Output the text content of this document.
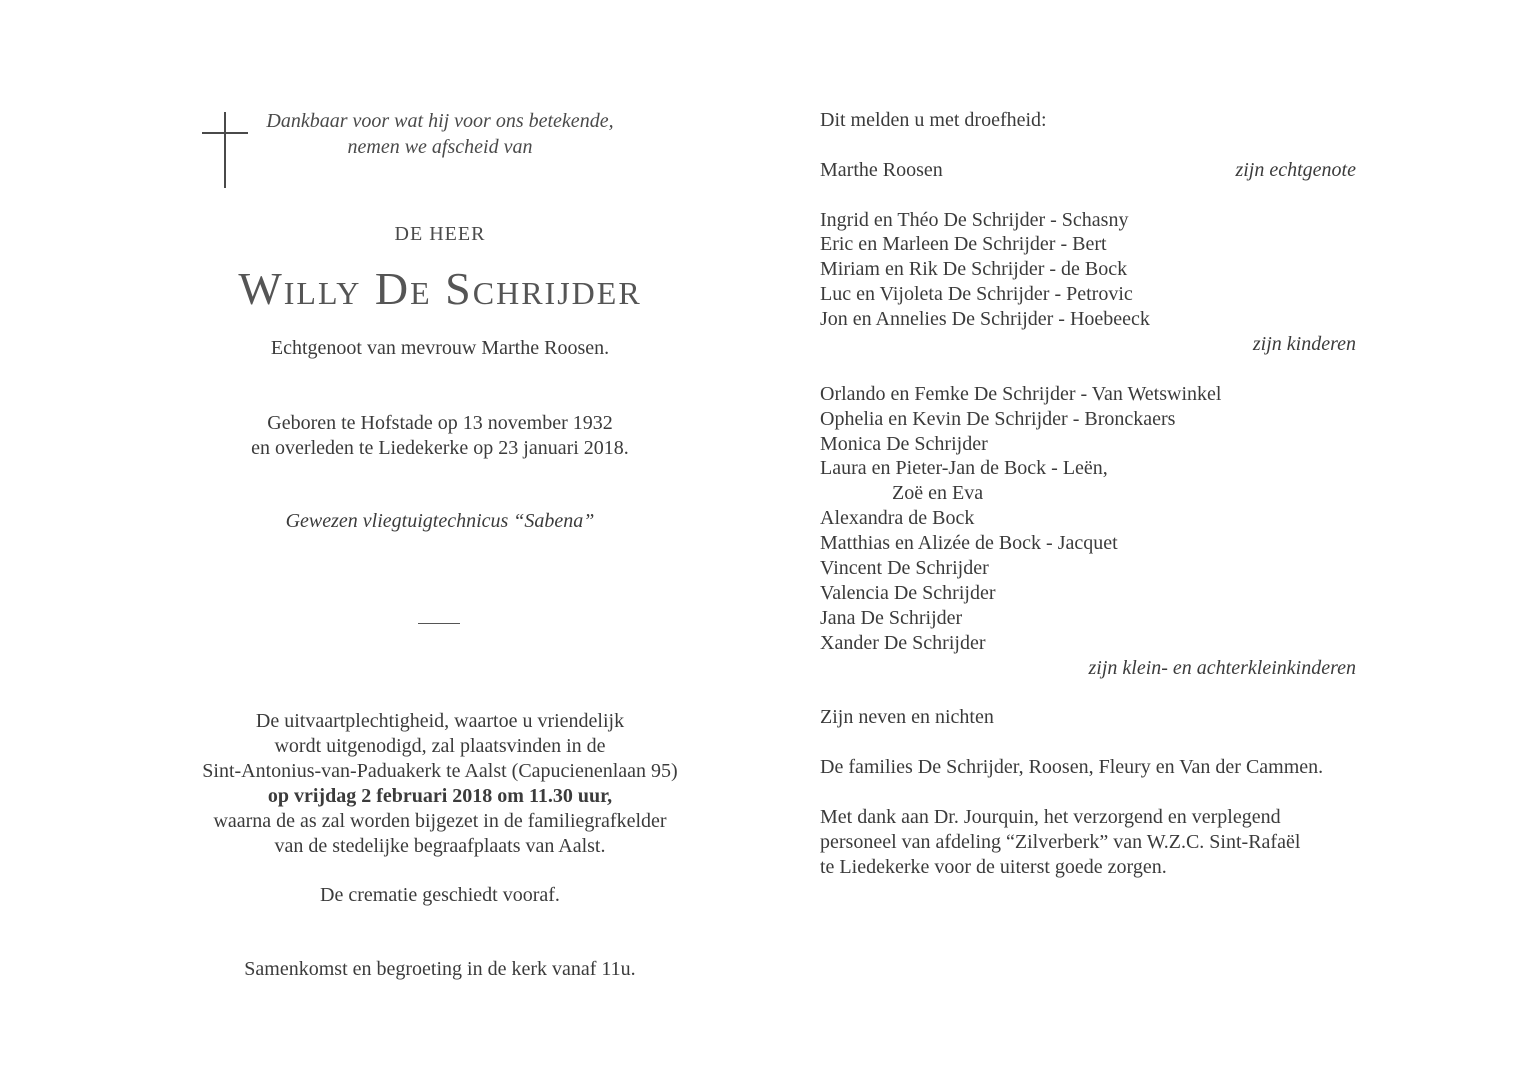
Dankbaar voor wat hij voor ons betekende,
nemen we afscheid van
DE HEER
Willy De Schrijder
Echtgenoot van mevrouw Marthe Roosen.
Geboren te Hofstade op 13 november 1932
en overleden te Liedekerke op 23 januari 2018.
Gewezen vliegtuigtechnicus “Sabena”
De uitvaartplechtigheid, waartoe u vriendelijk
wordt uitgenodigd, zal plaatsvinden in de
Sint-Antonius-van-Paduakerk te Aalst (Capucienenlaan 95)
op vrijdag 2 februari 2018 om 11.30 uur,
waarna de as zal worden bijgezet in de familiegrafkelder
van de stedelijke begraafplaats van Aalst.
De crematie geschiedt vooraf.
Samenkomst en begroeting in de kerk vanaf 11u.
Dit melden u met droefheid:
Marthe Roosen	zijn echtgenote
Ingrid en Théo De Schrijder - Schasny
Eric en Marleen De Schrijder - Bert
Miriam en Rik De Schrijder - de Bock
Luc en Vijoleta De Schrijder - Petrovic
Jon en Annelies De Schrijder - Hoebeeck
zijn kinderen
Orlando en Femke De Schrijder - Van Wetswinkel
Ophelia en Kevin De Schrijder - Bronckaers
Monica De Schrijder
Laura en Pieter-Jan de Bock - Leën,
Zoë en Eva
Alexandra de Bock
Matthias en Alizée de Bock - Jacquet
Vincent De Schrijder
Valencia De Schrijder
Jana De Schrijder
Xander De Schrijder
zijn klein- en achterkleinkinderen
Zijn neven en nichten
De families De Schrijder, Roosen, Fleury en Van der Cammen.
Met dank aan Dr. Jourquin, het verzorgend en verplegend
personeel van afdeling “Zilverberk” van W.Z.C. Sint-Rafaël
te Liedekerke voor de uiterst goede zorgen.
